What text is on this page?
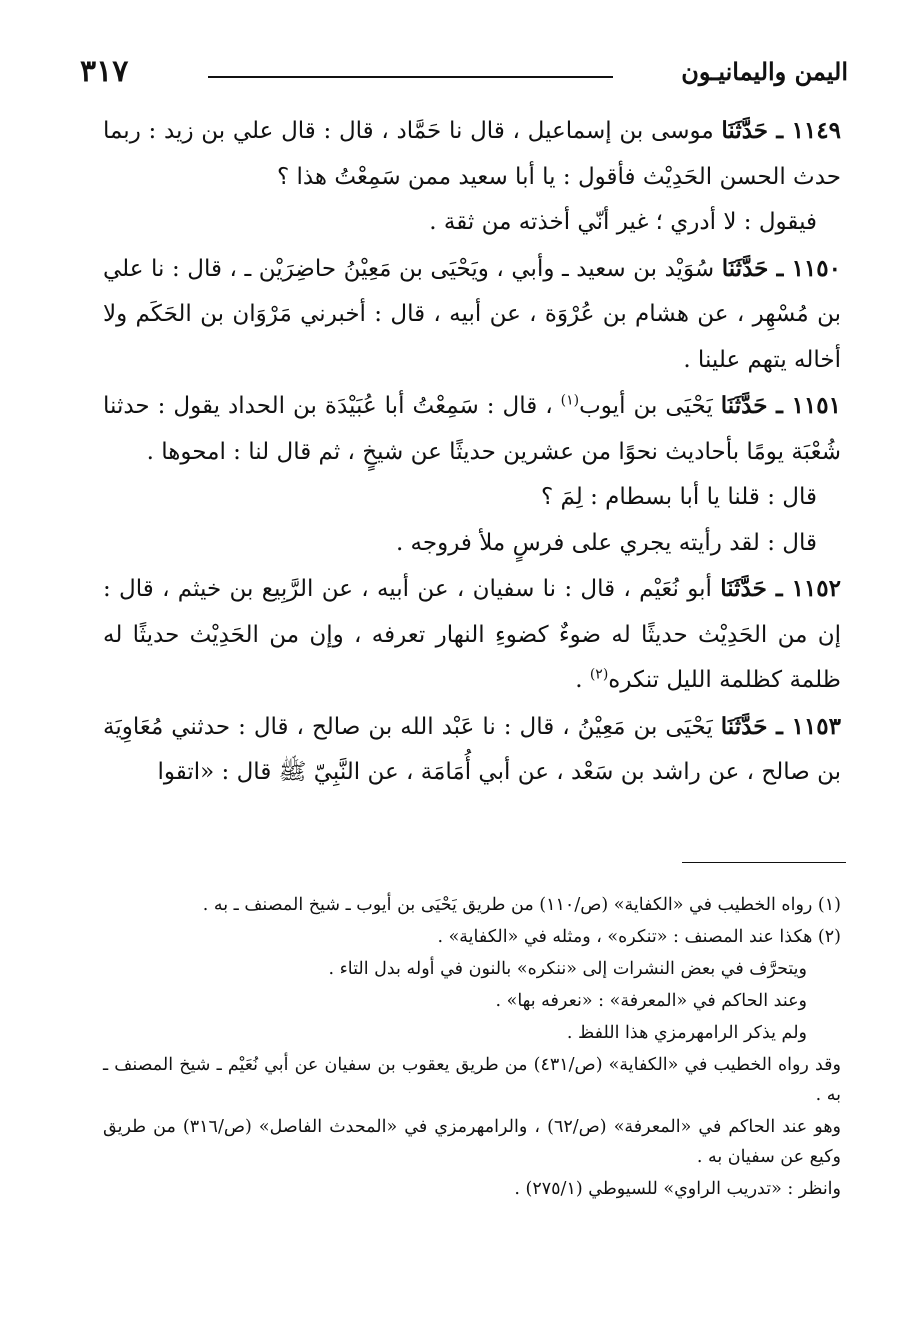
٣١٧	اليمن واليمانيـون

١١٤٩ ـ حَدَّثَنَا موسى بن إسماعيل ، قال نا حَمَّاد ، قال : قال علي بن زيد : ربما حدث الحسن الحَدِيْث فأقول : يا أبا سعيد ممن سَمِعْتُ هذا ؟

فيقول : لا أدري ؛ غير أنّي أخذته من ثقة .

١١٥٠ ـ حَدَّثَنَا سُوَيْد بن سعيد ـ وأبي ، ويَحْيَى بن مَعِيْنُ حاضِرَيْن ـ ، قال : نا علي بن مُسْهِر ، عن هشام بن عُرْوَة ، عن أبيه ، قال : أخبرني مَرْوَان بن الحَكَم ولا أخاله يتهم علينا .

١١٥١ ـ حَدَّثَنَا يَحْيَى بن أيوب$^{(١)}$ ، قال : سَمِعْتُ أبا عُبَيْدَة بن الحداد يقول : حدثنا شُعْبَة يومًا بأحاديث نحوًا من عشرين حديثًا عن شيخٍ ، ثم قال لنا : امحوها .

قال : قلنا يا أبا بسطام : لِمَ ؟

قال : لقد رأيته يجري على فرسٍ ملأ فروجه .

١١٥٢ ـ حَدَّثَنَا أبو نُعَيْم ، قال : نا سفيان ، عن أبيه ، عن الرَّبِيع بن خيثم ، قال : إن من الحَدِيْث حديثًا له ضوءٌ كضوءِ النهار تعرفه ، وإن من الحَدِيْث حديثًا له ظلمة كظلمة الليل تنكره$^{(٢)}$ .

١١٥٣ ـ حَدَّثَنَا يَحْيَى بن مَعِيْنُ ، قال : نا عَبْد الله بن صالح ، قال : حدثني مُعَاوِيَة بن صالح ، عن راشد بن سَعْد ، عن أبي أُمَامَة ، عن النَّبِيّ ﷺ قال : «اتقوا

(١) رواه الخطيب في «الكفاية» (ص/١١٠) من طريق يَحْيَى بن أيوب ـ شيخ المصنف ـ به .

(٢) هكذا عند المصنف : «تنكره» ، ومثله في «الكفاية» .

ويتحرَّف في بعض النشرات إلى «ننكره» بالنون في أوله بدل التاء .

وعند الحاكم في «المعرفة» : «نعرفه بها» .

ولم يذكر الرامهرمزي هذا اللفظ .

وقد رواه الخطيب في «الكفاية» (ص/٤٣١) من طريق يعقوب بن سفيان عن أبي نُعَيْم ـ شيخ المصنف ـ به .

وهو عند الحاكم في «المعرفة» (ص/٦٢) ، والرامهرمزي في «المحدث الفاصل» (ص/٣١٦) من طريق وكيع عن سفيان به .

وانظر : «تدريب الراوي» للسيوطي (٢٧٥/١) .
